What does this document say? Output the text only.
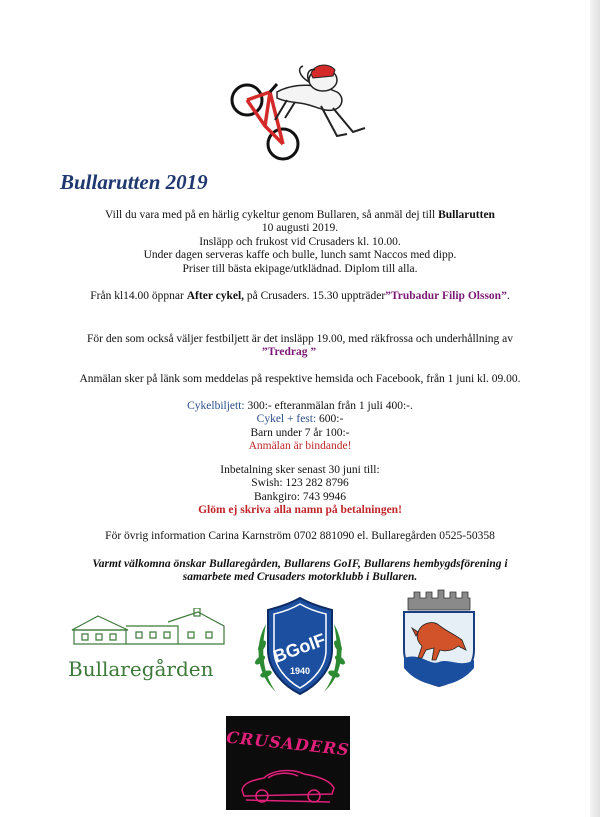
Bullarutten 2019
Vill du vara med på en härlig cykeltur genom Bullaren, så anmäl dej till Bullarutten
10 augusti 2019.
Insläpp och frukost vid Crusaders kl. 10.00.
Under dagen serveras kaffe och bulle, lunch samt Naccos med dipp.
Priser till bästa ekipage/utklädnad. Diplom till alla.
Från kl14.00 öppnar After cykel, på Crusaders. 15.30 uppträder”Trubadur Filip Olsson”.
För den som också väljer festbiljett är det insläpp 19.00, med räkfrossa och underhållning av
”Tredrag ”
Anmälan sker på länk som meddelas på respektive hemsida och Facebook, från 1 juni kl. 09.00.
Cykelbiljett: 300:- efteranmälan från 1 juli 400:-.
Cykel + fest: 600:-
Barn under 7 år 100:-
Anmälan är bindande!
Inbetalning sker senast 30 juni till:
Swish: 123 282 8796
Bankgiro: 743 9946
Glöm ej skriva alla namn på betalningen!
För övrig information Carina Karnström 0702 881090 el. Bullaregården 0525-50358
Varmt välkomna önskar Bullaregården, Bullarens GoIF, Bullarens hembygdsförening i
samarbete med Crusaders motorklubb i Bullaren.
Bullaregården
BGoIF
1940
CRUSADERS
